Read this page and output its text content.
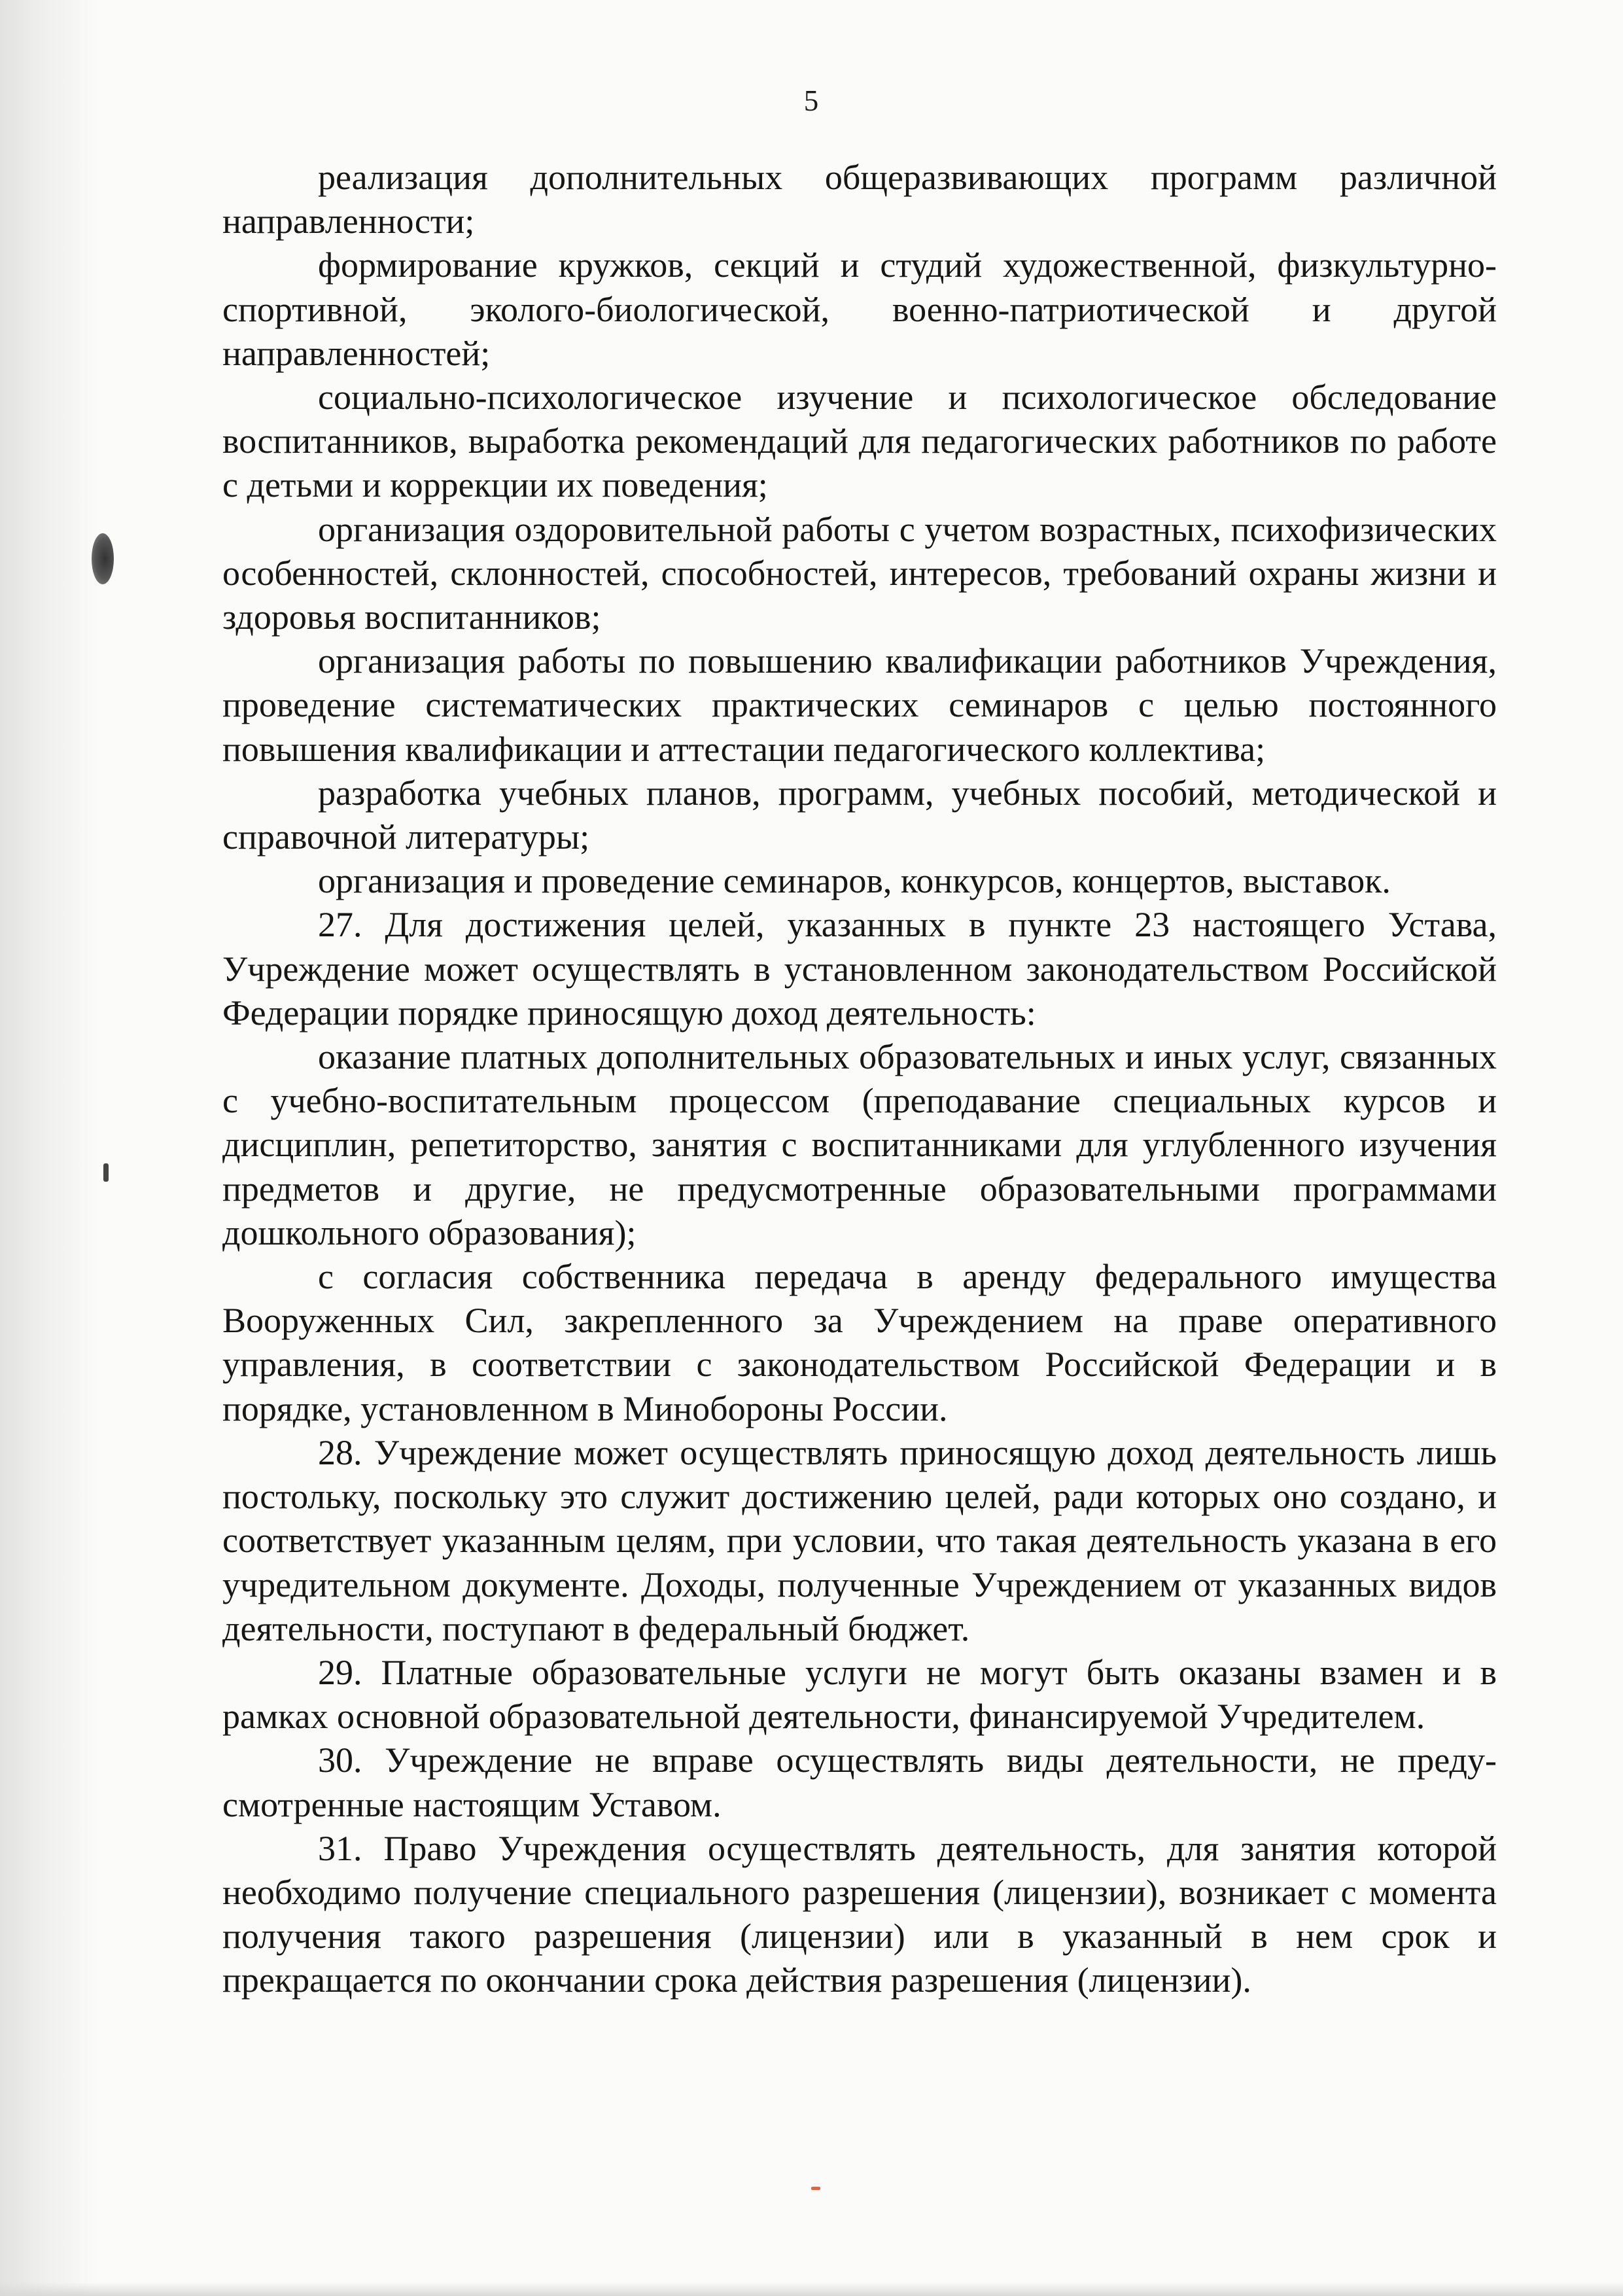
5

реализация дополнительных общеразвивающих программ различной направленности;

формирование кружков, секций и студий художественной, физкультурно-спортивной, эколого-биологической, военно-патриотической и другой направленностей;

социально-психологическое изучение и психологическое обследование воспитанников, выработка рекомендаций для педагогических работников по работе с детьми и коррекции их поведения;

организация оздоровительной работы с учетом возрастных, психофизических особенностей, склонностей, способностей, интересов, требований охраны жизни и здоровья воспитанников;

организация работы по повышению квалификации работников Учреждения, проведение систематических практических семинаров с целью постоянного повышения квалификации и аттестации педагогического коллектива;

разработка учебных планов, программ, учебных пособий, методической и справочной литературы;

организация и проведение семинаров, конкурсов, концертов, выставок.

27. Для достижения целей, указанных в пункте 23 настоящего Устава, Учреждение может осуществлять в установленном законодательством Российской Федерации порядке приносящую доход деятельность:

оказание платных дополнительных образовательных и иных услуг, связанных с учебно-воспитательным процессом (преподавание специальных курсов и дисциплин, репетиторство, занятия с воспитанниками для углубленного изучения предметов и другие, не предусмотренные образовательными программами дошкольного образования);

с согласия собственника передача в аренду федерального имущества Вооруженных Сил, закрепленного за Учреждением на праве оперативного управления, в соответствии с законодательством Российской Федерации и в порядке, установленном в Минобороны России.

28. Учреждение может осуществлять приносящую доход деятельность лишь постольку, поскольку это служит достижению целей, ради которых оно создано, и соответствует указанным целям, при условии, что такая деятельность указана в его учредительном документе. Доходы, полученные Учреждением от указанных видов деятельности, поступают в федеральный бюджет.

29. Платные образовательные услуги не могут быть оказаны взамен и в рамках основной образовательной деятельности, финансируемой Учредителем.

30. Учреждение не вправе осуществлять виды деятельности, не предусмотренные настоящим Уставом.

31. Право Учреждения осуществлять деятельность, для занятия которой необходимо получение специального разрешения (лицензии), возникает с момента получения такого разрешения (лицензии) или в указанный в нем срок и прекращается по окончании срока действия разрешения (лицензии).
